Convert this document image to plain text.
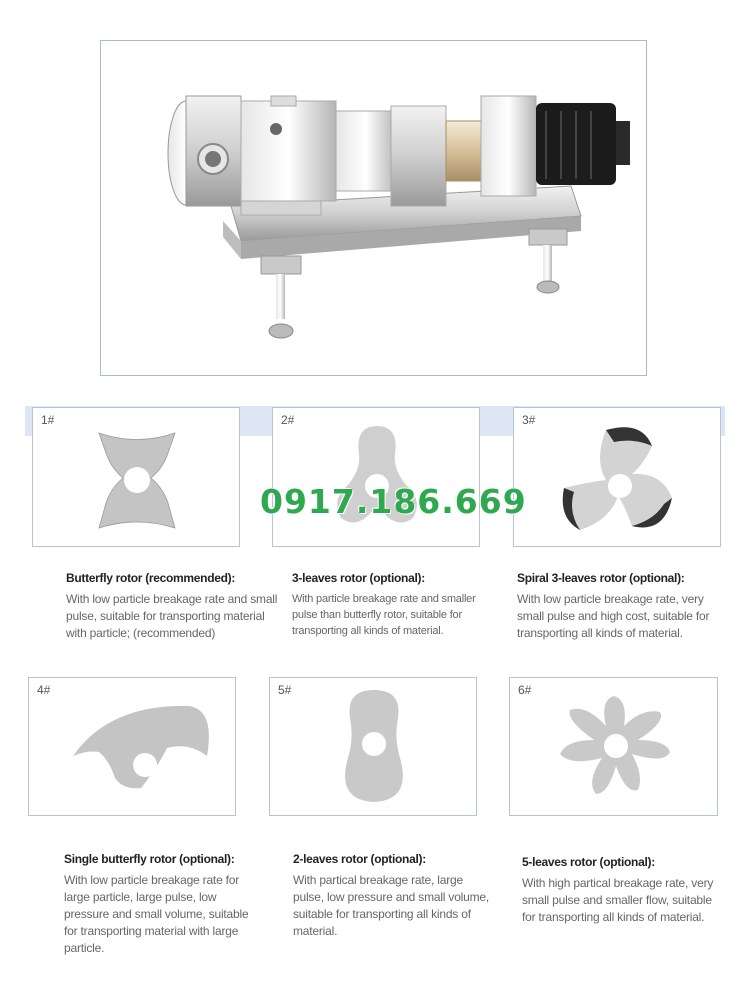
1#	2#	3#
0917.186.669
Butterfly rotor (recommended):
With low particle breakage rate and small pulse, suitable for transporting material with particle; (recommended)
3-leaves rotor (optional):
With particle breakage rate and smaller pulse than butterfly rotor, suitable for transporting all kinds of material.
Spiral 3-leaves rotor (optional):
With low particle breakage rate, very small pulse and high cost, suitable for transporting all kinds of material.
4#	5#	6#
Single butterfly rotor (optional):
With low particle breakage rate for large particle, large pulse, low pressure and small volume, suitable for transporting material with large particle.
2-leaves rotor (optional):
With partical breakage rate, large pulse, low pressure and small volume, suitable for transporting all kinds of material.
5-leaves rotor (optional):
With high partical breakage rate, very small pulse and smaller flow, suitable for transporting all kinds of material.
